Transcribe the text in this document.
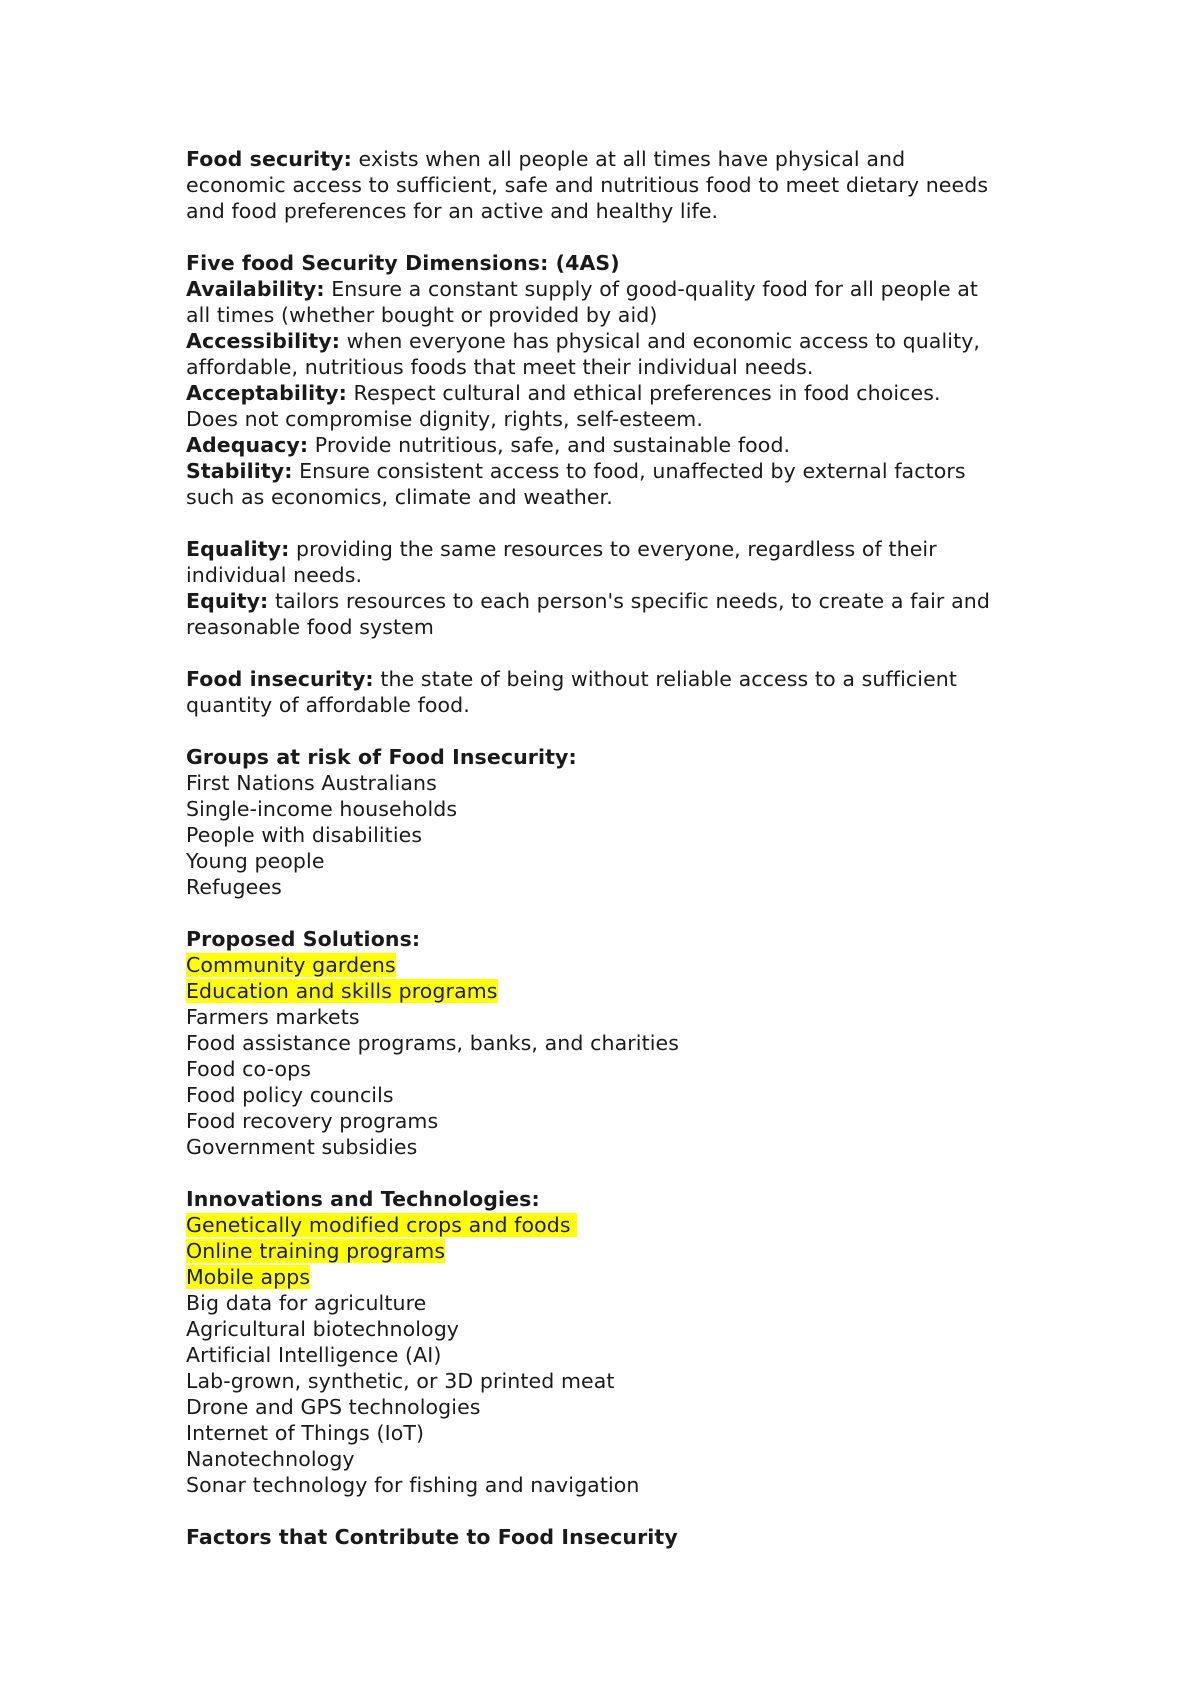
Food security: exists when all people at all times have physical and
economic access to sufficient, safe and nutritious food to meet dietary needs
and food preferences for an active and healthy life.
Five food Security Dimensions: (4AS)
Availability: Ensure a constant supply of good-quality food for all people at
all times (whether bought or provided by aid)
Accessibility: when everyone has physical and economic access to quality,
affordable, nutritious foods that meet their individual needs.
Acceptability: Respect cultural and ethical preferences in food choices.
Does not compromise dignity, rights, self-esteem.
Adequacy: Provide nutritious, safe, and sustainable food.
Stability: Ensure consistent access to food, unaffected by external factors
such as economics, climate and weather.
Equality: providing the same resources to everyone, regardless of their
individual needs.
Equity: tailors resources to each person's specific needs, to create a fair and
reasonable food system
Food insecurity: the state of being without reliable access to a sufficient
quantity of affordable food.
Groups at risk of Food Insecurity:
First Nations Australians
Single-income households
People with disabilities
Young people
Refugees
Proposed Solutions:
Community gardens
Education and skills programs
Farmers markets
Food assistance programs, banks, and charities
Food co-ops
Food policy councils
Food recovery programs
Government subsidies
Innovations and Technologies:
Genetically modified crops and foods
Online training programs
Mobile apps
Big data for agriculture
Agricultural biotechnology
Artificial Intelligence (AI)
Lab-grown, synthetic, or 3D printed meat
Drone and GPS technologies
Internet of Things (IoT)
Nanotechnology
Sonar technology for fishing and navigation
Factors that Contribute to Food Insecurity
